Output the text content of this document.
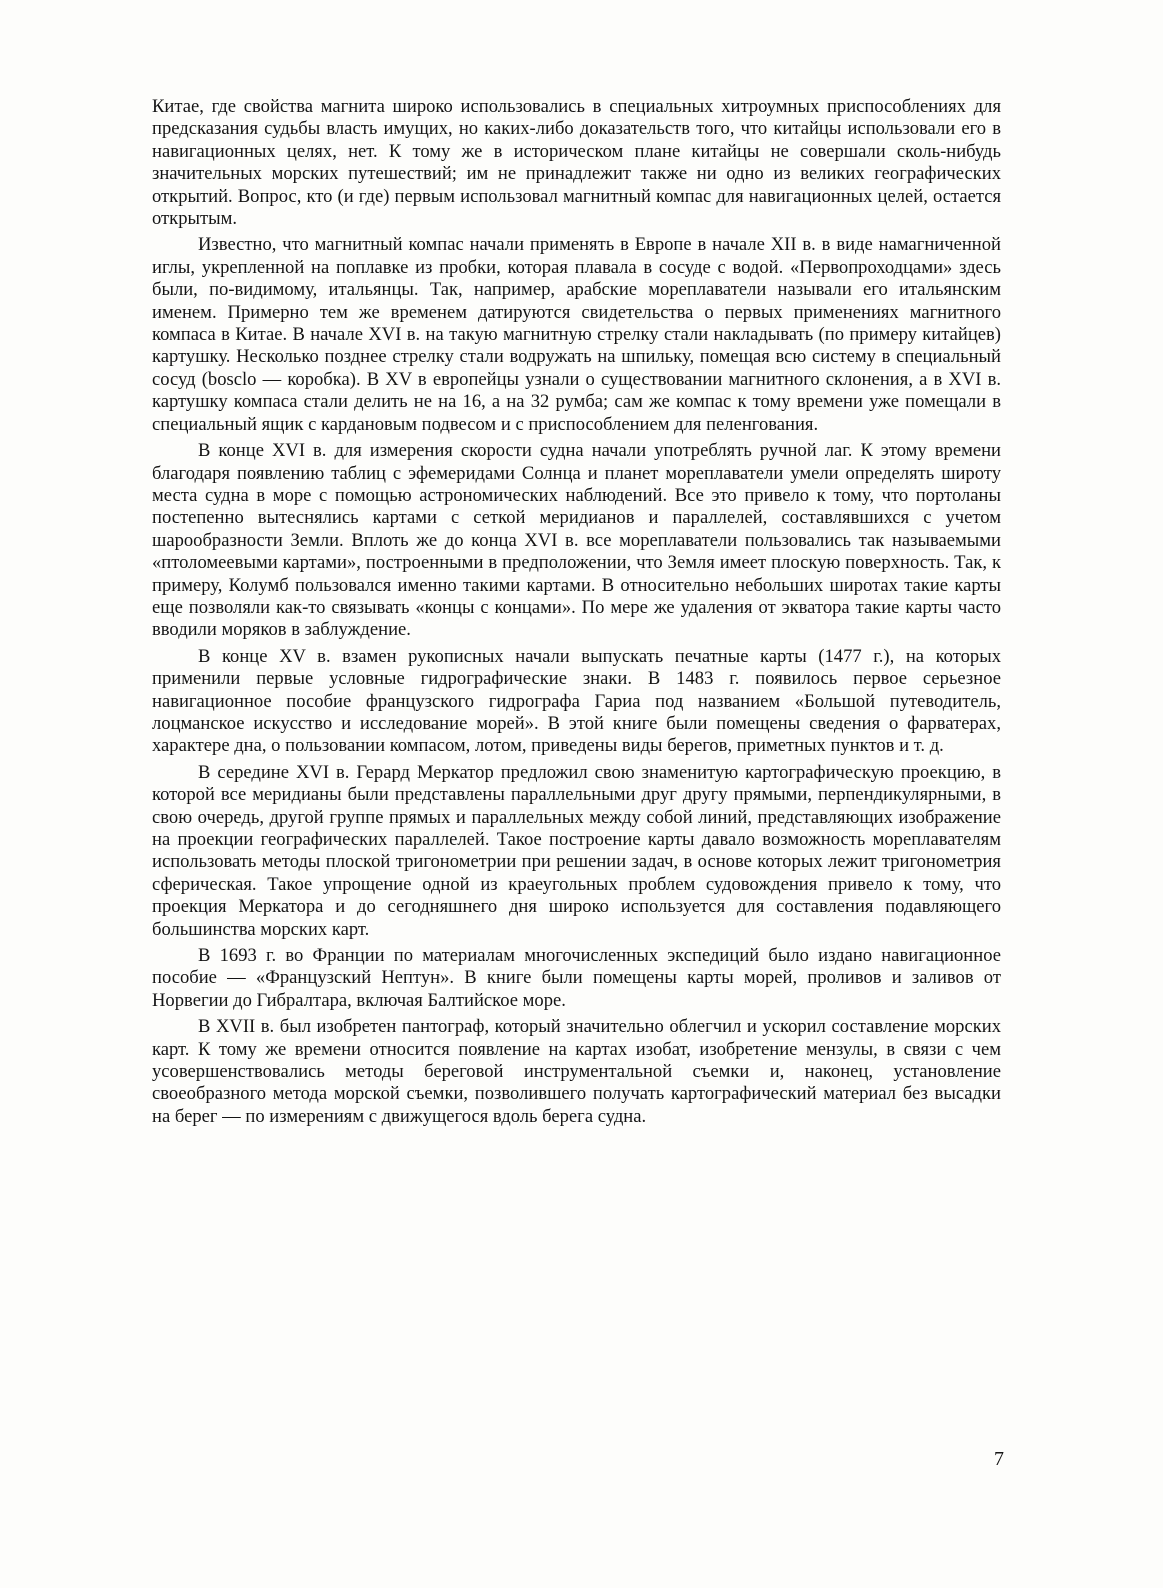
Китае, где свойства магнита широко использовались в специальных хитроумных приспособлениях для предсказания судьбы власть имущих, но каких-либо доказательств того, что китайцы использовали его в навигационных целях, нет. К тому же в историческом плане китайцы не совершали сколь-нибудь значительных морских путешествий; им не принадлежит также ни одно из великих географических открытий. Вопрос, кто (и где) первым использовал магнитный компас для навигационных целей, остается открытым.

Известно, что магнитный компас начали применять в Европе в начале XII в. в виде намагниченной иглы, укрепленной на поплавке из пробки, которая плавала в сосуде с водой. «Первопроходцами» здесь были, по-видимому, итальянцы. Так, например, арабские мореплаватели называли его итальянским именем. Примерно тем же временем датируются свидетельства о первых применениях магнитного компаса в Китае. В начале XVI в. на такую магнитную стрелку стали накладывать (по примеру китайцев) картушку. Несколько позднее стрелку стали водружать на шпильку, помещая всю систему в специальный сосуд (bosclo — коробка). В XV в европейцы узнали о существовании магнитного склонения, а в XVI в. картушку компаса стали делить не на 16, а на 32 румба; сам же компас к тому времени уже помещали в специальный ящик с кардановым подвесом и с приспособлением для пеленгования.

В конце XVI в. для измерения скорости судна начали употреблять ручной лаг. К этому времени благодаря появлению таблиц с эфемеридами Солнца и планет мореплаватели умели определять широту места судна в море с помощью астрономических наблюдений. Все это привело к тому, что портоланы постепенно вытеснялись картами с сеткой меридианов и параллелей, составлявшихся с учетом шарообразности Земли. Вплоть же до конца XVI в. все мореплаватели пользовались так называемыми «птоломеевыми картами», построенными в предположении, что Земля имеет плоскую поверхность. Так, к примеру, Колумб пользовался именно такими картами. В относительно небольших широтах такие карты еще позволяли как-то связывать «концы с концами». По мере же удаления от экватора такие карты часто вводили моряков в заблуждение.

В конце XV в. взамен рукописных начали выпускать печатные карты (1477 г.), на которых применили первые условные гидрографические знаки. В 1483 г. появилось первое серьезное навигационное пособие французского гидрографа Гариа под названием «Большой путеводитель, лоцманское искусство и исследование морей». В этой книге были помещены сведения о фарватерах, характере дна, о пользовании компасом, лотом, приведены виды берегов, приметных пунктов и т. д.

В середине XVI в. Герард Меркатор предложил свою знаменитую картографическую проекцию, в которой все меридианы были представлены параллельными друг другу прямыми, перпендикулярными, в свою очередь, другой группе прямых и параллельных между собой линий, представляющих изображение на проекции географических параллелей. Такое построение карты давало возможность мореплавателям использовать методы плоской тригонометрии при решении задач, в основе которых лежит тригонометрия сферическая. Такое упрощение одной из краеугольных проблем судовождения привело к тому, что проекция Меркатора и до сегодняшнего дня широко используется для составления подавляющего большинства морских карт.

В 1693 г. во Франции по материалам многочисленных экспедиций было издано навигационное пособие — «Французский Нептун». В книге были помещены карты морей, проливов и заливов от Норвегии до Гибралтара, включая Балтийское море.

В XVII в. был изобретен пантограф, который значительно облегчил и ускорил составление морских карт. К тому же времени относится появление на картах изобат, изобретение мензулы, в связи с чем усовершенствовались методы береговой инструментальной съемки и, наконец, установление своеобразного метода морской съемки, позволившего получать картографический материал без высадки на берег — по измерениям с движущегося вдоль берега судна.

7
